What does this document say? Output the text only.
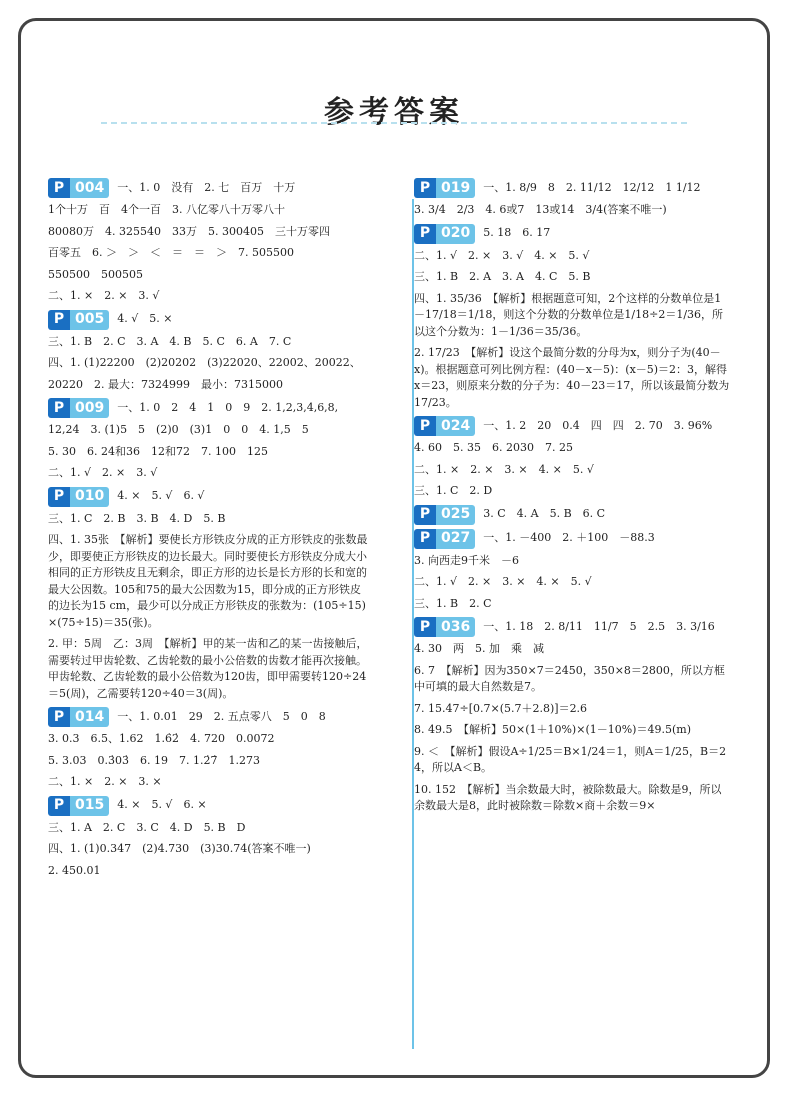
参考答案
P 004	一、1. 0　没有　2. 七　百万　十万
1个十万　百　4个一百　3. 八亿零八十万零八十
80080万　4. 325540　33万　5. 300405　三十万零四
百零五　6. ＞　＞　＜　＝　＝　＞　7. 505500
550500　500505
二、1. ×　2. ×　3. √
P 005	4. √　5. ×
三、1. B　2. C　3. A　4. B　5. C　6. A　7. C
四、1. (1)22200　(2)20202　(3)22020、22002、20022、
20220　2. 最大：7324999　最小：7315000
P 009	一、1. 0　2　4　1　0　9　2. 1,2,3,4,6,8,
12,24　3. (1)5　5　(2)0　(3)1　0　0　4. 1,5　5
5. 30　6. 24和36　12和72　7. 100　125
二、1. √　2. ×　3. √
P 010	4. ×　5. √　6. √
三、1. C　2. B　3. B　4. D　5. B
四、1. 35张　【解析】要使长方形铁皮分成的正方形铁皮的张数最少，即要使正方形铁皮的边长最大。同时要使长方形铁皮分成大小相同的正方形铁皮且无剩余，即正方形的边长是长方形的长和宽的最大公因数。105和75的最大公因数为15，即分成的正方形铁皮的边长为15 cm，最少可以分成正方形铁皮的张数为：(105÷15)×(75÷15)＝35(张)。
2. 甲：5周　乙：3周　【解析】甲的某一齿和乙的某一齿接触后，需要转过甲齿轮数、乙齿轮数的最小公倍数的齿数才能再次接触。甲齿轮数、乙齿轮数的最小公倍数为120齿，即甲需要转120÷24＝5(周)，乙需要转120÷40＝3(周)。
P 014	一、1. 0.01　29　2. 五点零八　5　0　8
3. 0.3　6.5、1.62　1.6̇2̇　4. 720　0.0072
5. 3.03　0.3̇03̇　6. 19　7. 1.2̇7̇　1.273
二、1. ×　2. ×　3. ×
P 015	4. ×　5. √　6. ×
三、1. A　2. C　3. C　4. D　5. B　D
四、1. (1)0.347　(2)4.730　(3)30.74(答案不唯一)
2. 450.01
P 019	一、1. 8/9　8　2. 11/12　12/12　1 1/12
3. 3/4　2/3　4. 6或7　13或14　3/4(答案不唯一)
P 020	5. 18　6. 17
二、1. √　2. ×　3. √　4. ×　5. √
三、1. B　2. A　3. A　4. C　5. B
四、1. 35/36　【解析】根据题意可知，2个这样的分数单位是1－17/18＝1/18，则这个分数的分数单位是1/18÷2＝1/36，所以这个分数为：1－1/36＝35/36。
2. 17/23　【解析】设这个最简分数的分母为x，则分子为(40－x)。根据题意可列比例方程：(40－x－5)：(x－5)＝2：3，解得x＝23，则原来分数的分子为：40－23＝17，所以该最简分数为17/23。
P 024	一、1. 2　20　0.4　四　四　2. 70　3. 96%
4. 60　5. 35　6. 2030　7. 25
二、1. ×　2. ×　3. ×　4. ×　5. √
三、1. C　2. D
P 025	3. C　4. A　5. B　6. C
P 027	一、1. －400　2. ＋100　－88.3
3. 向西走9千米　－6
二、1. √　2. ×　3. ×　4. ×　5. √
三、1. B　2. C
P 036	一、1. 18　2. 8/11　11/7　5　2.5　3. 3/16
4. 30　两　5. 加　乘　减
6. 7　【解析】因为350×7＝2450，350×8＝2800，所以方框中可填的最大自然数是7。
7. 15.47÷[0.7×(5.7＋2.8)]＝2.6
8. 49.5　【解析】50×(1＋10%)×(1－10%)＝49.5(m)
9. ＜　【解析】假设A÷1/25＝B×1/24＝1，则A＝1/25，B＝24，所以A＜B。
10. 152　【解析】当余数最大时，被除数最大。除数是9，所以余数最大是8，此时被除数＝除数×商＋余数＝9×
